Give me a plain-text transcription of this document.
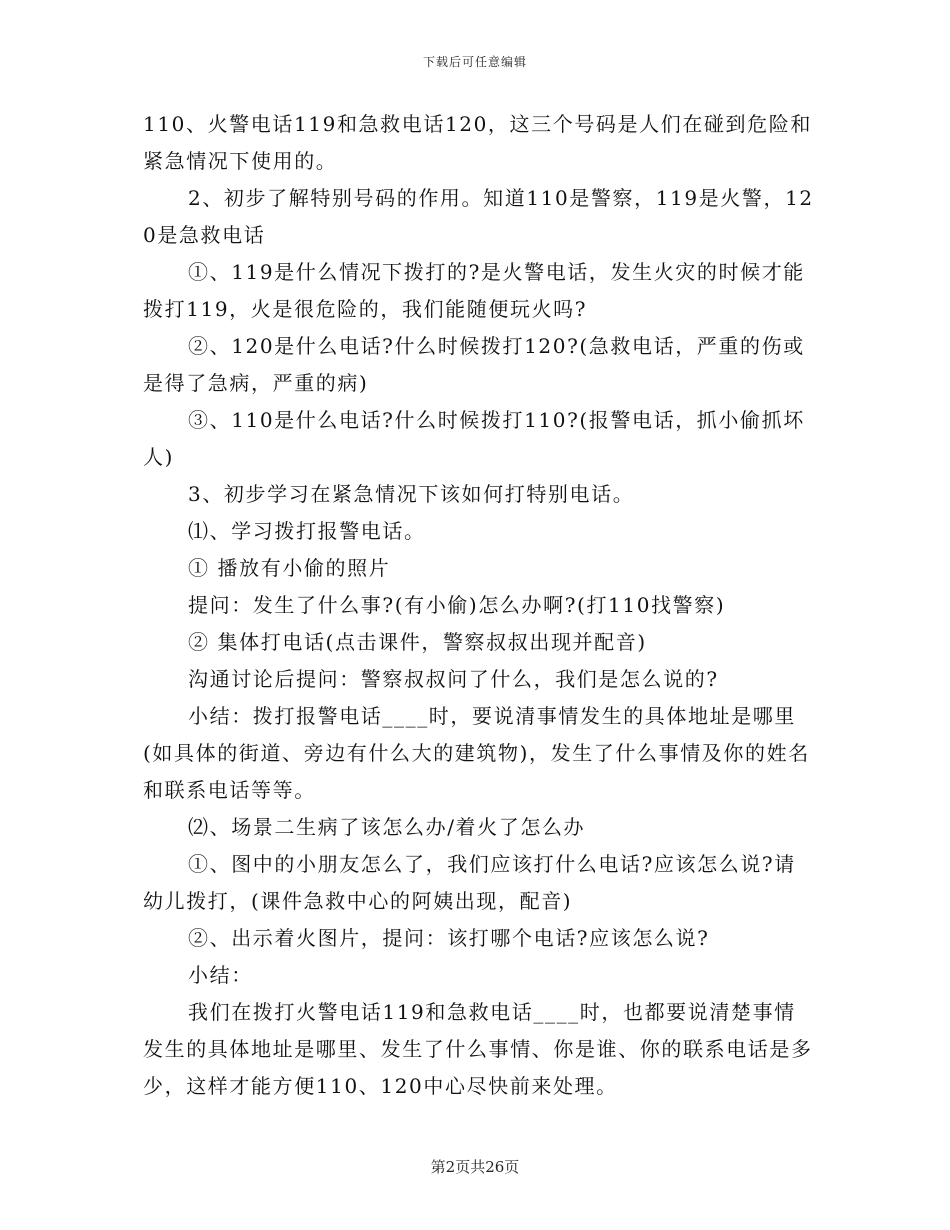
下载后可任意编辑

110、火警电话119和急救电话120，这三个号码是人们在碰到危险和紧急情况下使用的。

2、初步了解特别号码的作用。知道110是警察，119是火警，120是急救电话

①、119是什么情况下拨打的?是火警电话，发生火灾的时候才能拨打119，火是很危险的，我们能随便玩火吗?

②、120是什么电话?什么时候拨打120?(急救电话，严重的伤或是得了急病，严重的病)

③、110是什么电话?什么时候拨打110?(报警电话，抓小偷抓坏人)

3、初步学习在紧急情况下该如何打特别电话。

⑴、学习拨打报警电话。

① 播放有小偷的照片

提问：发生了什么事?(有小偷)怎么办啊?(打110找警察)

② 集体打电话(点击课件，警察叔叔出现并配音)

沟通讨论后提问：警察叔叔问了什么，我们是怎么说的?

小结：拨打报警电话____时，要说清事情发生的具体地址是哪里(如具体的街道、旁边有什么大的建筑物)，发生了什么事情及你的姓名和联系电话等等。

⑵、场景二生病了该怎么办/着火了怎么办

①、图中的小朋友怎么了，我们应该打什么电话?应该怎么说?请幼儿拨打，(课件急救中心的阿姨出现，配音)

②、出示着火图片，提问：该打哪个电话?应该怎么说?

小结：

我们在拨打火警电话119和急救电话____时，也都要说清楚事情发生的具体地址是哪里、发生了什么事情、你是谁、你的联系电话是多少，这样才能方便110、120中心尽快前来处理。

第2页共26页
